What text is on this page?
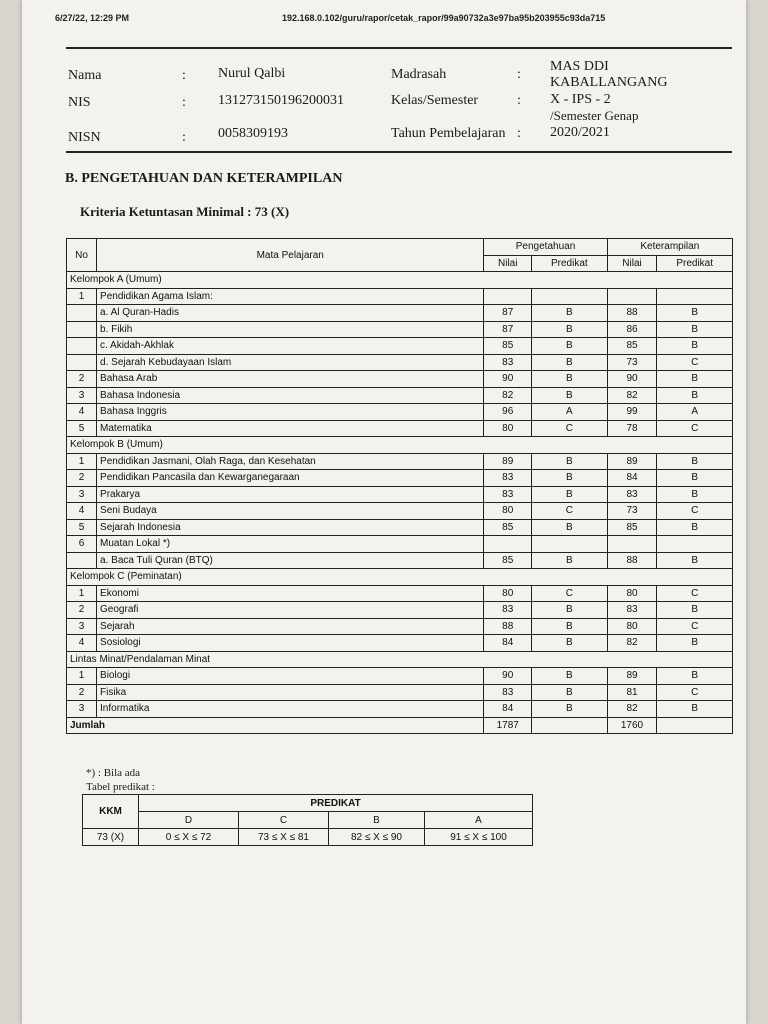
6/27/22, 12:29 PM	192.168.0.102/guru/rapor/cetak_rapor/99a90732a3e97ba95b203955c93da715
Nama	: Nurul Qalbi
NIS	: 131273150196200031
NISN	: 0058309193
Madrasah	:
MAS DDI
KABALLANGANG
Kelas/Semester	: X - IPS - 2
/Semester Genap
Tahun Pembelajaran : 2020/2021
B. PENGETAHUAN DAN KETERAMPILAN
Kriteria Ketuntasan Minimal : 73 (X)
No	Mata Pelajaran	Pengetahuan		Keterampilan	
		Nilai	Predikat	Nilai	Predikat
Kelompok A (Umum)					
1	Pendidikan Agama Islam:				
	a. Al Quran-Hadis	87	B	88	B
	b. Fikih	87	B	86	B
	c. Akidah-Akhlak	85	B	85	B
	d. Sejarah Kebudayaan Islam	83	B	73	C
2	Bahasa Arab	90	B	90	B
3	Bahasa Indonesia	82	B	82	B
4	Bahasa Inggris	96	A	99	A
5	Matematika	80	C	78	C
Kelompok B (Umum)					
1	Pendidikan Jasmani, Olah Raga, dan Kesehatan	89	B	89	B
2	Pendidikan Pancasila dan Kewarganegaraan	83	B	84	B
3	Prakarya	83	B	83	B
4	Seni Budaya	80	C	73	C
5	Sejarah Indonesia	85	B	85	B
6	Muatan Lokal *)				
	a. Baca Tuli Quran (BTQ)	85	B	88	B
Kelompok C (Peminatan)					
1	Ekonomi	80	C	80	C
2	Geografi	83	B	83	B
3	Sejarah	88	B	80	C
4	Sosiologi	84	B	82	B
Lintas Minat/Pendalaman Minat					
1	Biologi	90	B	89	B
2	Fisika	83	B	81	C
3	Informatika	84	B	82	B
Jumlah		1787		1760	
*) : Bila ada
Tabel predikat :
KKM	PREDIKAT			
	D	C	B	A
73 (X)	0 ≤ X ≤ 72	73 ≤ X ≤ 81	82 ≤ X ≤ 90	91 ≤ X ≤ 100
